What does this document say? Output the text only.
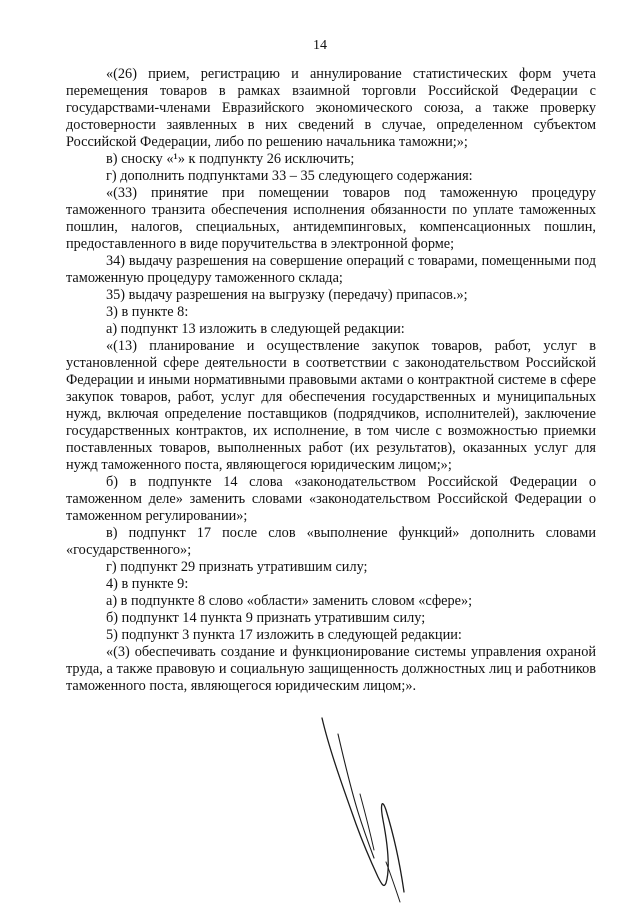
14

«(26) прием, регистрацию и аннулирование статистических форм учета перемещения товаров в рамках взаимной торговли Российской Федерации с государствами-членами Евразийского экономического союза, а также проверку достоверности заявленных в них сведений в случае, определенном субъектом Российской Федерации, либо по решению начальника таможни;»;

в) сноску «¹» к подпункту 26 исключить;

г) дополнить подпунктами 33 – 35 следующего содержания:

«(33) принятие при помещении товаров под таможенную процедуру таможенного транзита обеспечения исполнения обязанности по уплате таможенных пошлин, налогов, специальных, антидемпинговых, компенсационных пошлин, предоставленного в виде поручительства в электронной форме;

34) выдачу разрешения на совершение операций с товарами, помещенными под таможенную процедуру таможенного склада;

35) выдачу разрешения на выгрузку (передачу) припасов.»;

3) в пункте 8:

а) подпункт 13 изложить в следующей редакции:

«(13) планирование и осуществление закупок товаров, работ, услуг в установленной сфере деятельности в соответствии с законодательством Российской Федерации и иными нормативными правовыми актами о контрактной системе в сфере закупок товаров, работ, услуг для обеспечения государственных и муниципальных нужд, включая определение поставщиков (подрядчиков, исполнителей), заключение государственных контрактов, их исполнение, в том числе с возможностью приемки поставленных товаров, выполненных работ (их результатов), оказанных услуг для нужд таможенного поста, являющегося юридическим лицом;»;

б) в подпункте 14 слова «законодательством Российской Федерации о таможенном деле» заменить словами «законодательством Российской Федерации о таможенном регулировании»;

в) подпункт 17 после слов «выполнение функций» дополнить словами «государственного»;

г) подпункт 29 признать утратившим силу;

4) в пункте 9:

а) в подпункте 8 слово «области» заменить словом «сфере»;

б) подпункт 14 пункта 9 признать утратившим силу;

5) подпункт 3 пункта 17 изложить в следующей редакции:

«(3) обеспечивать создание и функционирование системы управления охраной труда, а также правовую и социальную защищенность должностных лиц и работников таможенного поста, являющегося юридическим лицом;».
